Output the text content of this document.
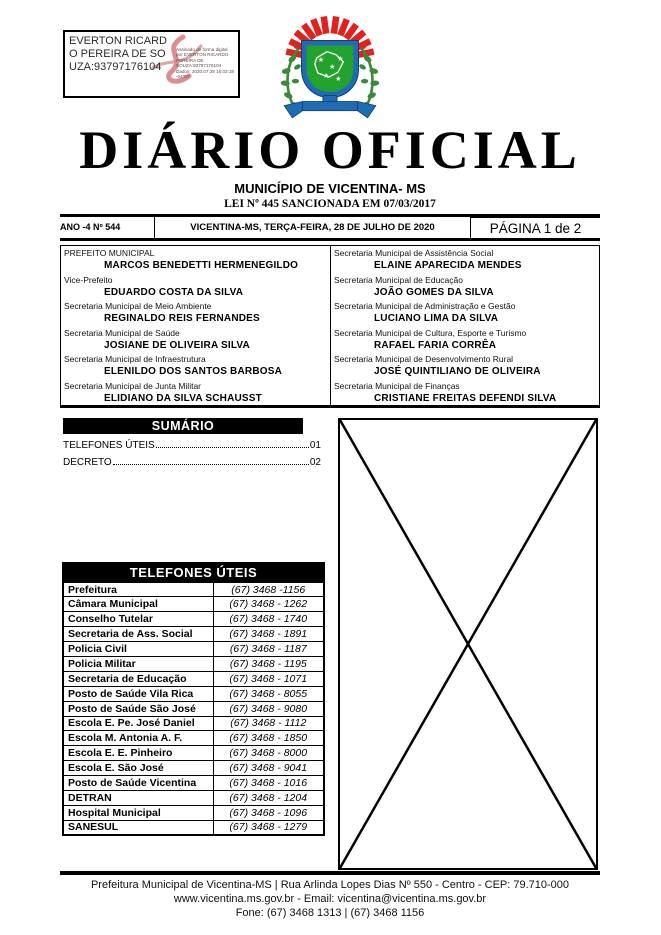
EVERTON RICARDO PEREIRA DE SOUZA:93797176104
Assinado de forma digital por EVERTON RICARDO PEREIRA DE SOUZA:93797176104 Dados: 2020.07.28 16:03:18 -04'00'
★
★
★ ★
★
DIÁRIO OFICIAL
MUNICÍPIO DE VICENTINA- MS
LEI Nº 445 SANCIONADA EM 07/03/2017
ANO -4 Nº 544	VICENTINA-MS, TERÇA-FEIRA, 28 DE JULHO DE 2020	PÁGINA 1 de 2
PREFEITO MUNICIPAL
MARCOS BENEDETTI HERMENEGILDO
Vice-Prefeito
EDUARDO COSTA DA SILVA
Secretaria Municipal de Meio Ambiente
REGINALDO REIS FERNANDES
Secretaria Municipal de Saúde
JOSIANE DE OLIVEIRA SILVA
Secretaria Municipal de Infraestrutura
ELENILDO DOS SANTOS BARBOSA
Secretaria Municipal de Junta Militar
ELIDIANO DA SILVA SCHAUSST
Secretaria Municipal de Assistência Social
ELAINE APARECIDA MENDES
Secretaria Municipal de Educação
JOÃO GOMES DA SILVA
Secretaria Municipal de Administração e Gestão
LUCIANO LIMA DA SILVA
Secretaria Municipal de Cultura, Esporte e Turismo
RAFAEL FARIA CORRÊA
Secretaria Municipal de Desenvolvimento Rural
JOSÉ QUINTILIANO DE OLIVEIRA
Secretaria Municipal de Finanças
CRISTIANE FREITAS DEFENDI SILVA
SUMÁRIO
TELEFONES ÚTEIS	01
DECRETO	02
TELEFONES ÚTEIS
Prefeitura	(67) 3468 -1156
Câmara Municipal	(67) 3468 - 1262
Conselho Tutelar	(67) 3468 - 1740
Secretaria de Ass. Social	(67) 3468 - 1891
Policia Civil	(67) 3468 - 1187
Policia Militar	(67) 3468 - 1195
Secretaria de Educação	(67) 3468 - 1071
Posto de Saúde Vila Rica	(67) 3468 - 8055
Posto de Saúde São José	(67) 3468 - 9080
Escola E. Pe. José Daniel	(67) 3468 - 1112
Escola M. Antonia A. F.	(67) 3468 - 1850
Escola E. E. Pinheiro	(67) 3468 - 8000
Escola E. São José	(67) 3468 - 9041
Posto de Saúde Vicentina	(67) 3468 - 1016
DETRAN	(67) 3468 - 1204
Hospital Municipal	(67) 3468 - 1096
SANESUL	(67) 3468 - 1279
Prefeitura Municipal de Vicentina-MS | Rua Arlinda Lopes Dias Nº 550 - Centro - CEP: 79.710-000
www.vicentina.ms.gov.br - Email: vicentina@vicentina.ms.gov.br
Fone: (67) 3468 1313 | (67) 3468 1156
